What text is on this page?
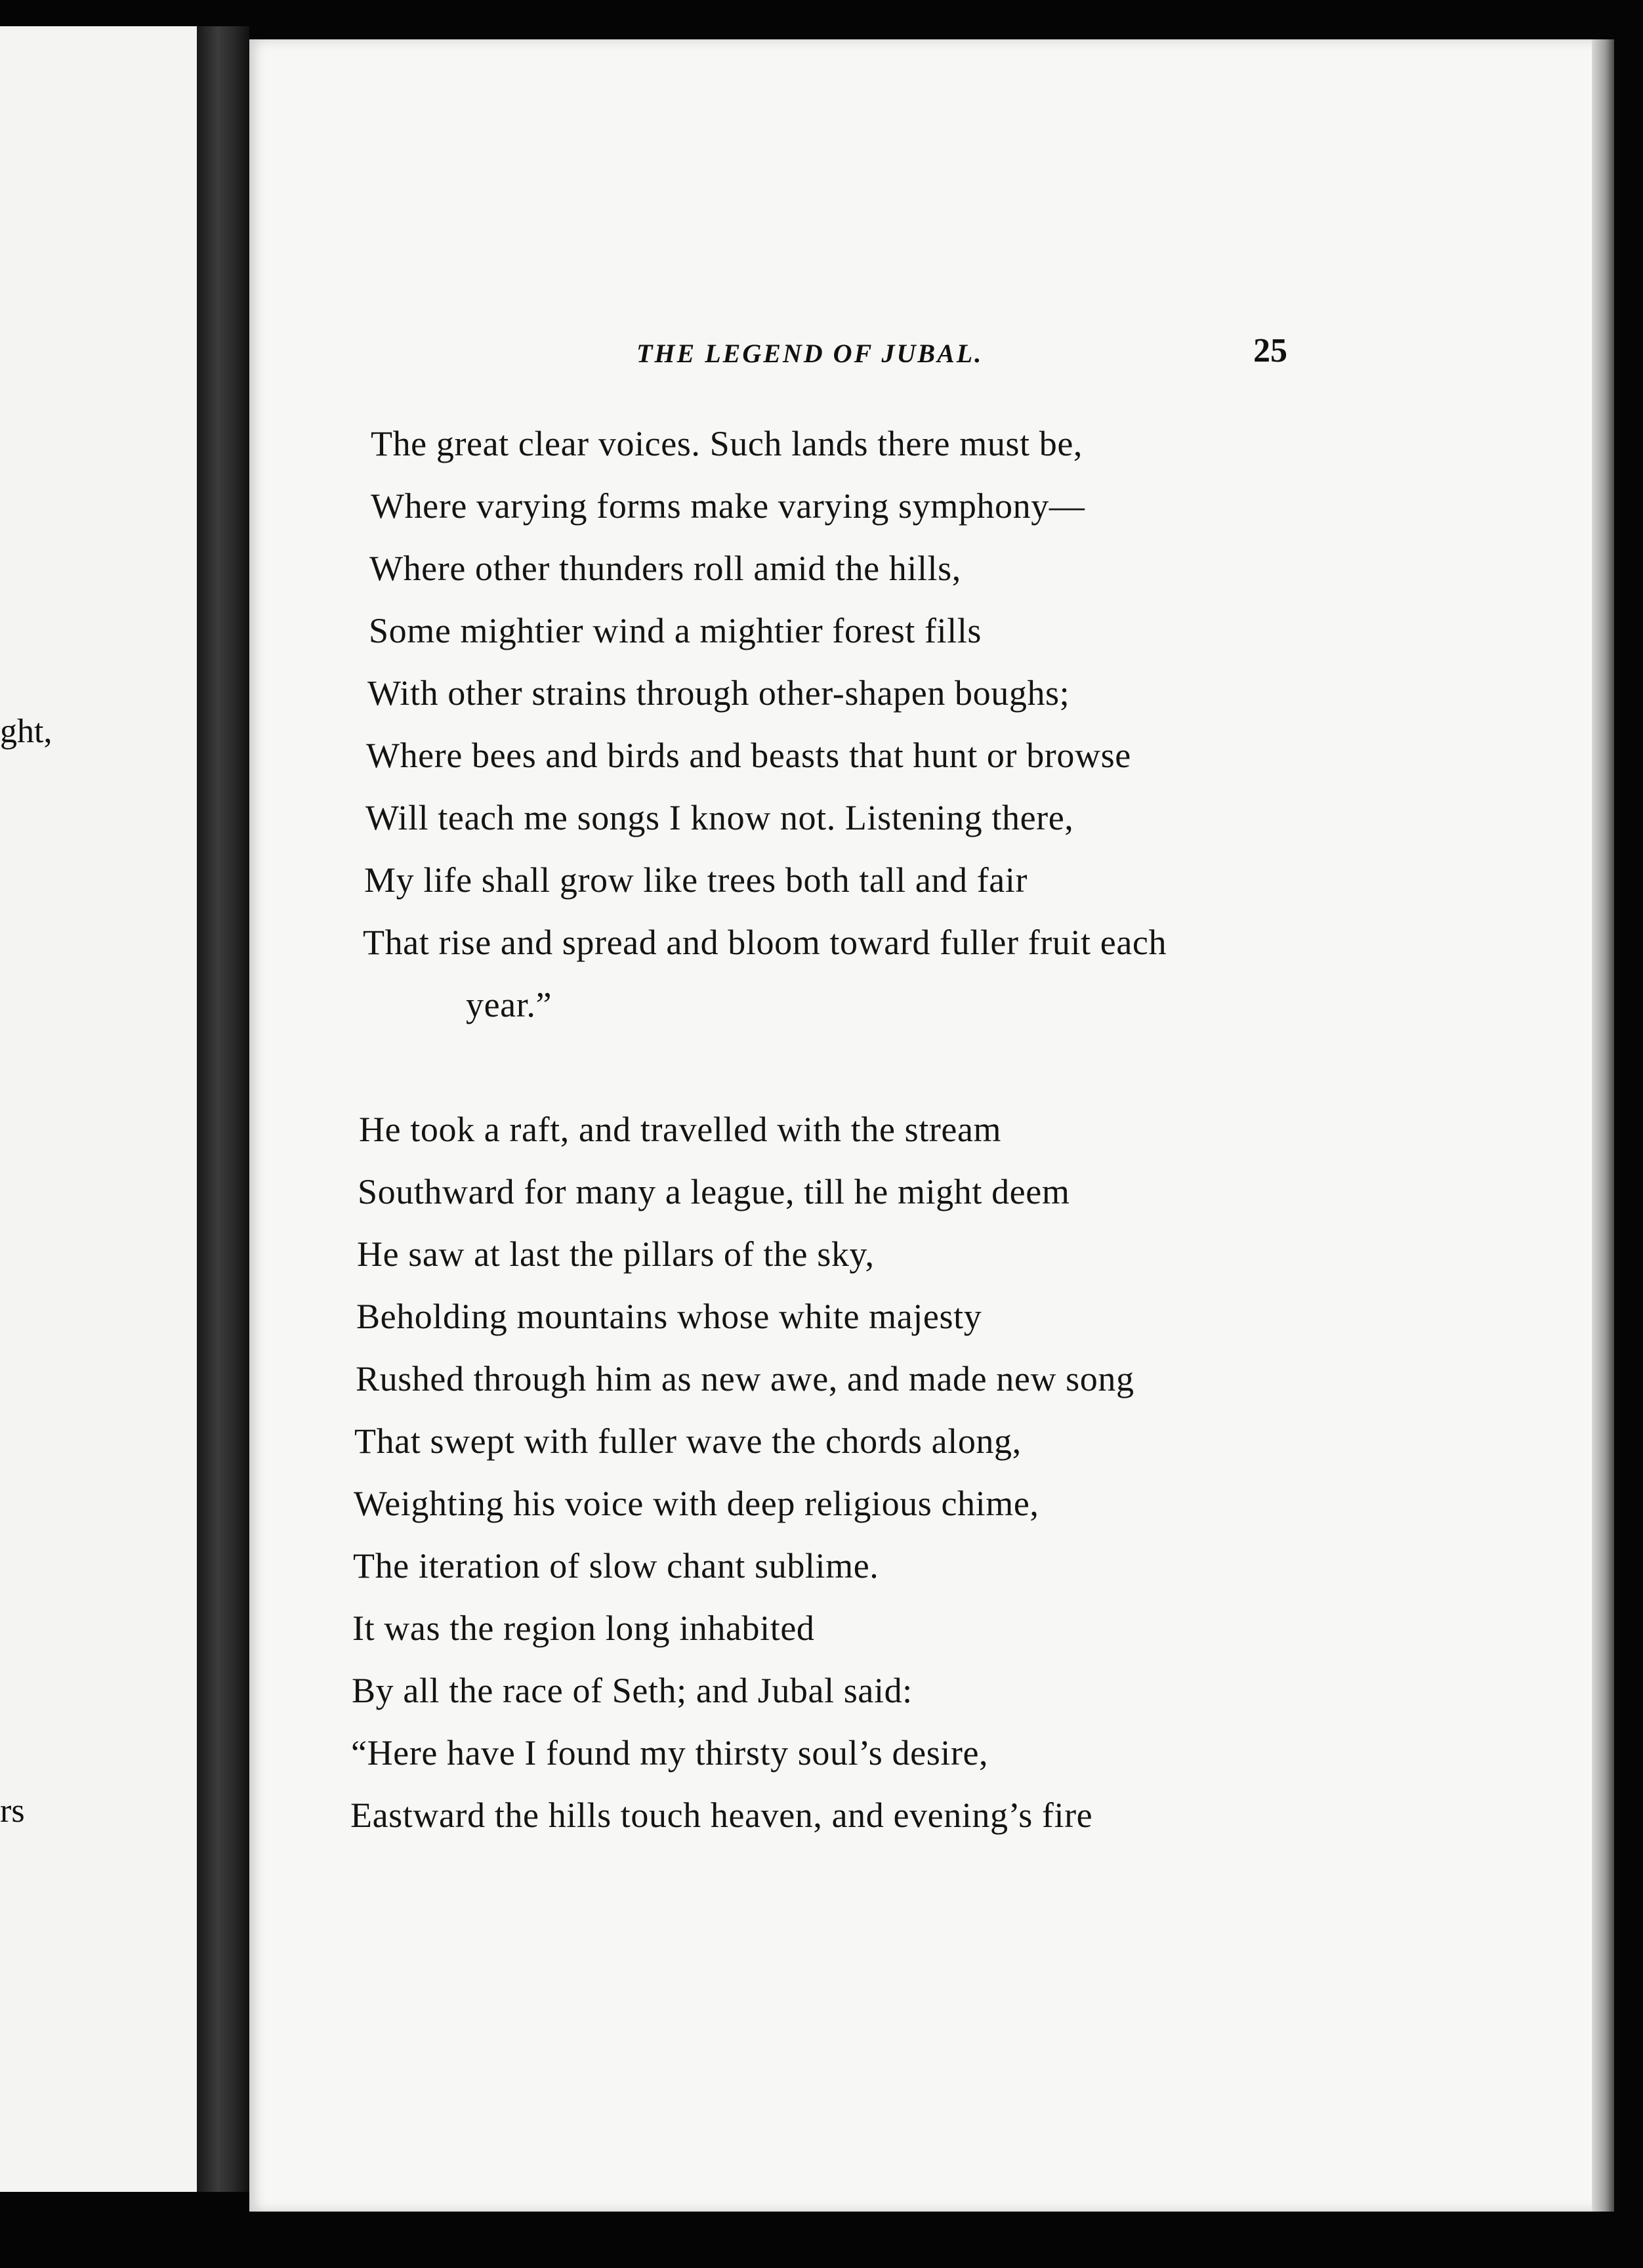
ght,
rs
THE LEGEND OF JUBAL.	25
The great clear voices. Such lands there must be,
Where varying forms make varying symphony—
Where other thunders roll amid the hills,
Some mightier wind a mightier forest fills
With other strains through other-shapen boughs;
Where bees and birds and beasts that hunt or browse
Will teach me songs I know not. Listening there,
My life shall grow like trees both tall and fair
That rise and spread and bloom toward fuller fruit each
year.”
He took a raft, and travelled with the stream
Southward for many a league, till he might deem
He saw at last the pillars of the sky,
Beholding mountains whose white majesty
Rushed through him as new awe, and made new song
That swept with fuller wave the chords along,
Weighting his voice with deep religious chime,
The iteration of slow chant sublime.
It was the region long inhabited
By all the race of Seth; and Jubal said:
“Here have I found my thirsty soul’s desire,
Eastward the hills touch heaven, and evening’s fire
